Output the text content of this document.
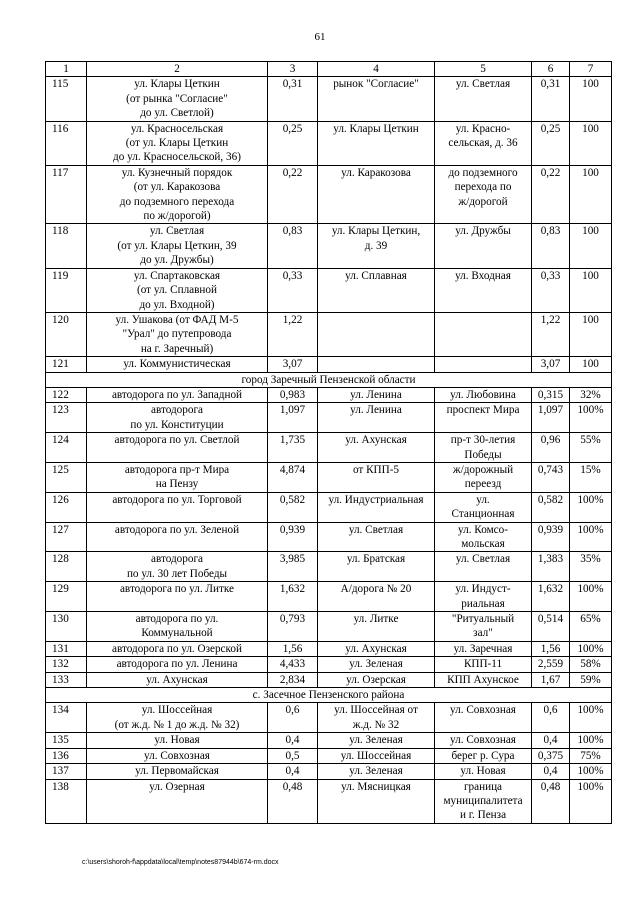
61
1	2	3	4	5	6	7
115	ул. Клары Цеткин
(от рынка "Согласие"
до ул. Светлой)	0,31	рынок "Согласие"	ул. Светлая	0,31	100
116	ул. Красносельская
(от ул. Клары Цеткин
до ул. Красносельской, 36)	0,25	ул. Клары Цеткин	ул. Красно-
сельская, д. 36	0,25	100
117	ул. Кузнечный порядок
(от ул. Каракозова
до подземного перехода
по ж/дорогой)	0,22	ул. Каракозова	до подземного
перехода по
ж/дорогой	0,22	100
118	ул. Светлая
(от ул. Клары Цеткин, 39
до ул. Дружбы)	0,83	ул. Клары Цеткин,
д. 39	ул. Дружбы	0,83	100
119	ул. Спартаковская
(от ул. Сплавной
до ул. Входной)	0,33	ул. Сплавная	ул. Входная	0,33	100
120	ул. Ушакова (от ФАД М-5
"Урал" до путепровода
на г. Заречный)	1,22			1,22	100
121	ул. Коммунистическая	3,07			3,07	100
город Заречный Пензенской области						
122	автодорога по ул. Западной	0,983	ул. Ленина	ул. Любовина	0,315	32%
123	автодорога
по ул. Конституции	1,097	ул. Ленина	проспект Мира	1,097	100%
124	автодорога по ул. Светлой	1,735	ул. Ахунская	пр-т 30-летия
Победы	0,96	55%
125	автодорога пр-т Мира
на Пензу	4,874	от КПП-5	ж/дорожный
переезд	0,743	15%
126	автодорога по ул. Торговой	0,582	ул. Индустриальная	ул.
Станционная	0,582	100%
127	автодорога по ул. Зеленой	0,939	ул. Светлая	ул. Комсо-
мольская	0,939	100%
128	автодорога
по ул. 30 лет Победы	3,985	ул. Братская	ул. Светлая	1,383	35%
129	автодорога по ул. Литке	1,632	А/дорога № 20	ул. Индуст-
риальная	1,632	100%
130	автодорога по ул.
Коммунальной	0,793	ул. Литке	"Ритуальный
зал"	0,514	65%
131	автодорога по ул. Озерской	1,56	ул. Ахунская	ул. Заречная	1,56	100%
132	автодорога по ул. Ленина	4,433	ул. Зеленая	КПП-11	2,559	58%
133	ул. Ахунская	2,834	ул. Озерская	КПП Ахунское	1,67	59%
с. Засечное Пензенского района						
134	ул. Шоссейная
(от ж.д. № 1 до ж.д. № 32)	0,6	ул. Шоссейная от
ж.д. № 32	ул. Совхозная	0,6	100%
135	ул. Новая	0,4	ул. Зеленая	ул. Совхозная	0,4	100%
136	ул. Совхозная	0,5	ул. Шоссейная	берег р. Сура	0,375	75%
137	ул. Первомайская	0,4	ул. Зеленая	ул. Новая	0,4	100%
138	ул. Озерная	0,48	ул. Мясницкая	граница
муниципалитета
и г. Пенза	0,48	100%
c:\users\shoroh-f\appdata\local\temp\notes87944b\674-rm.docx
